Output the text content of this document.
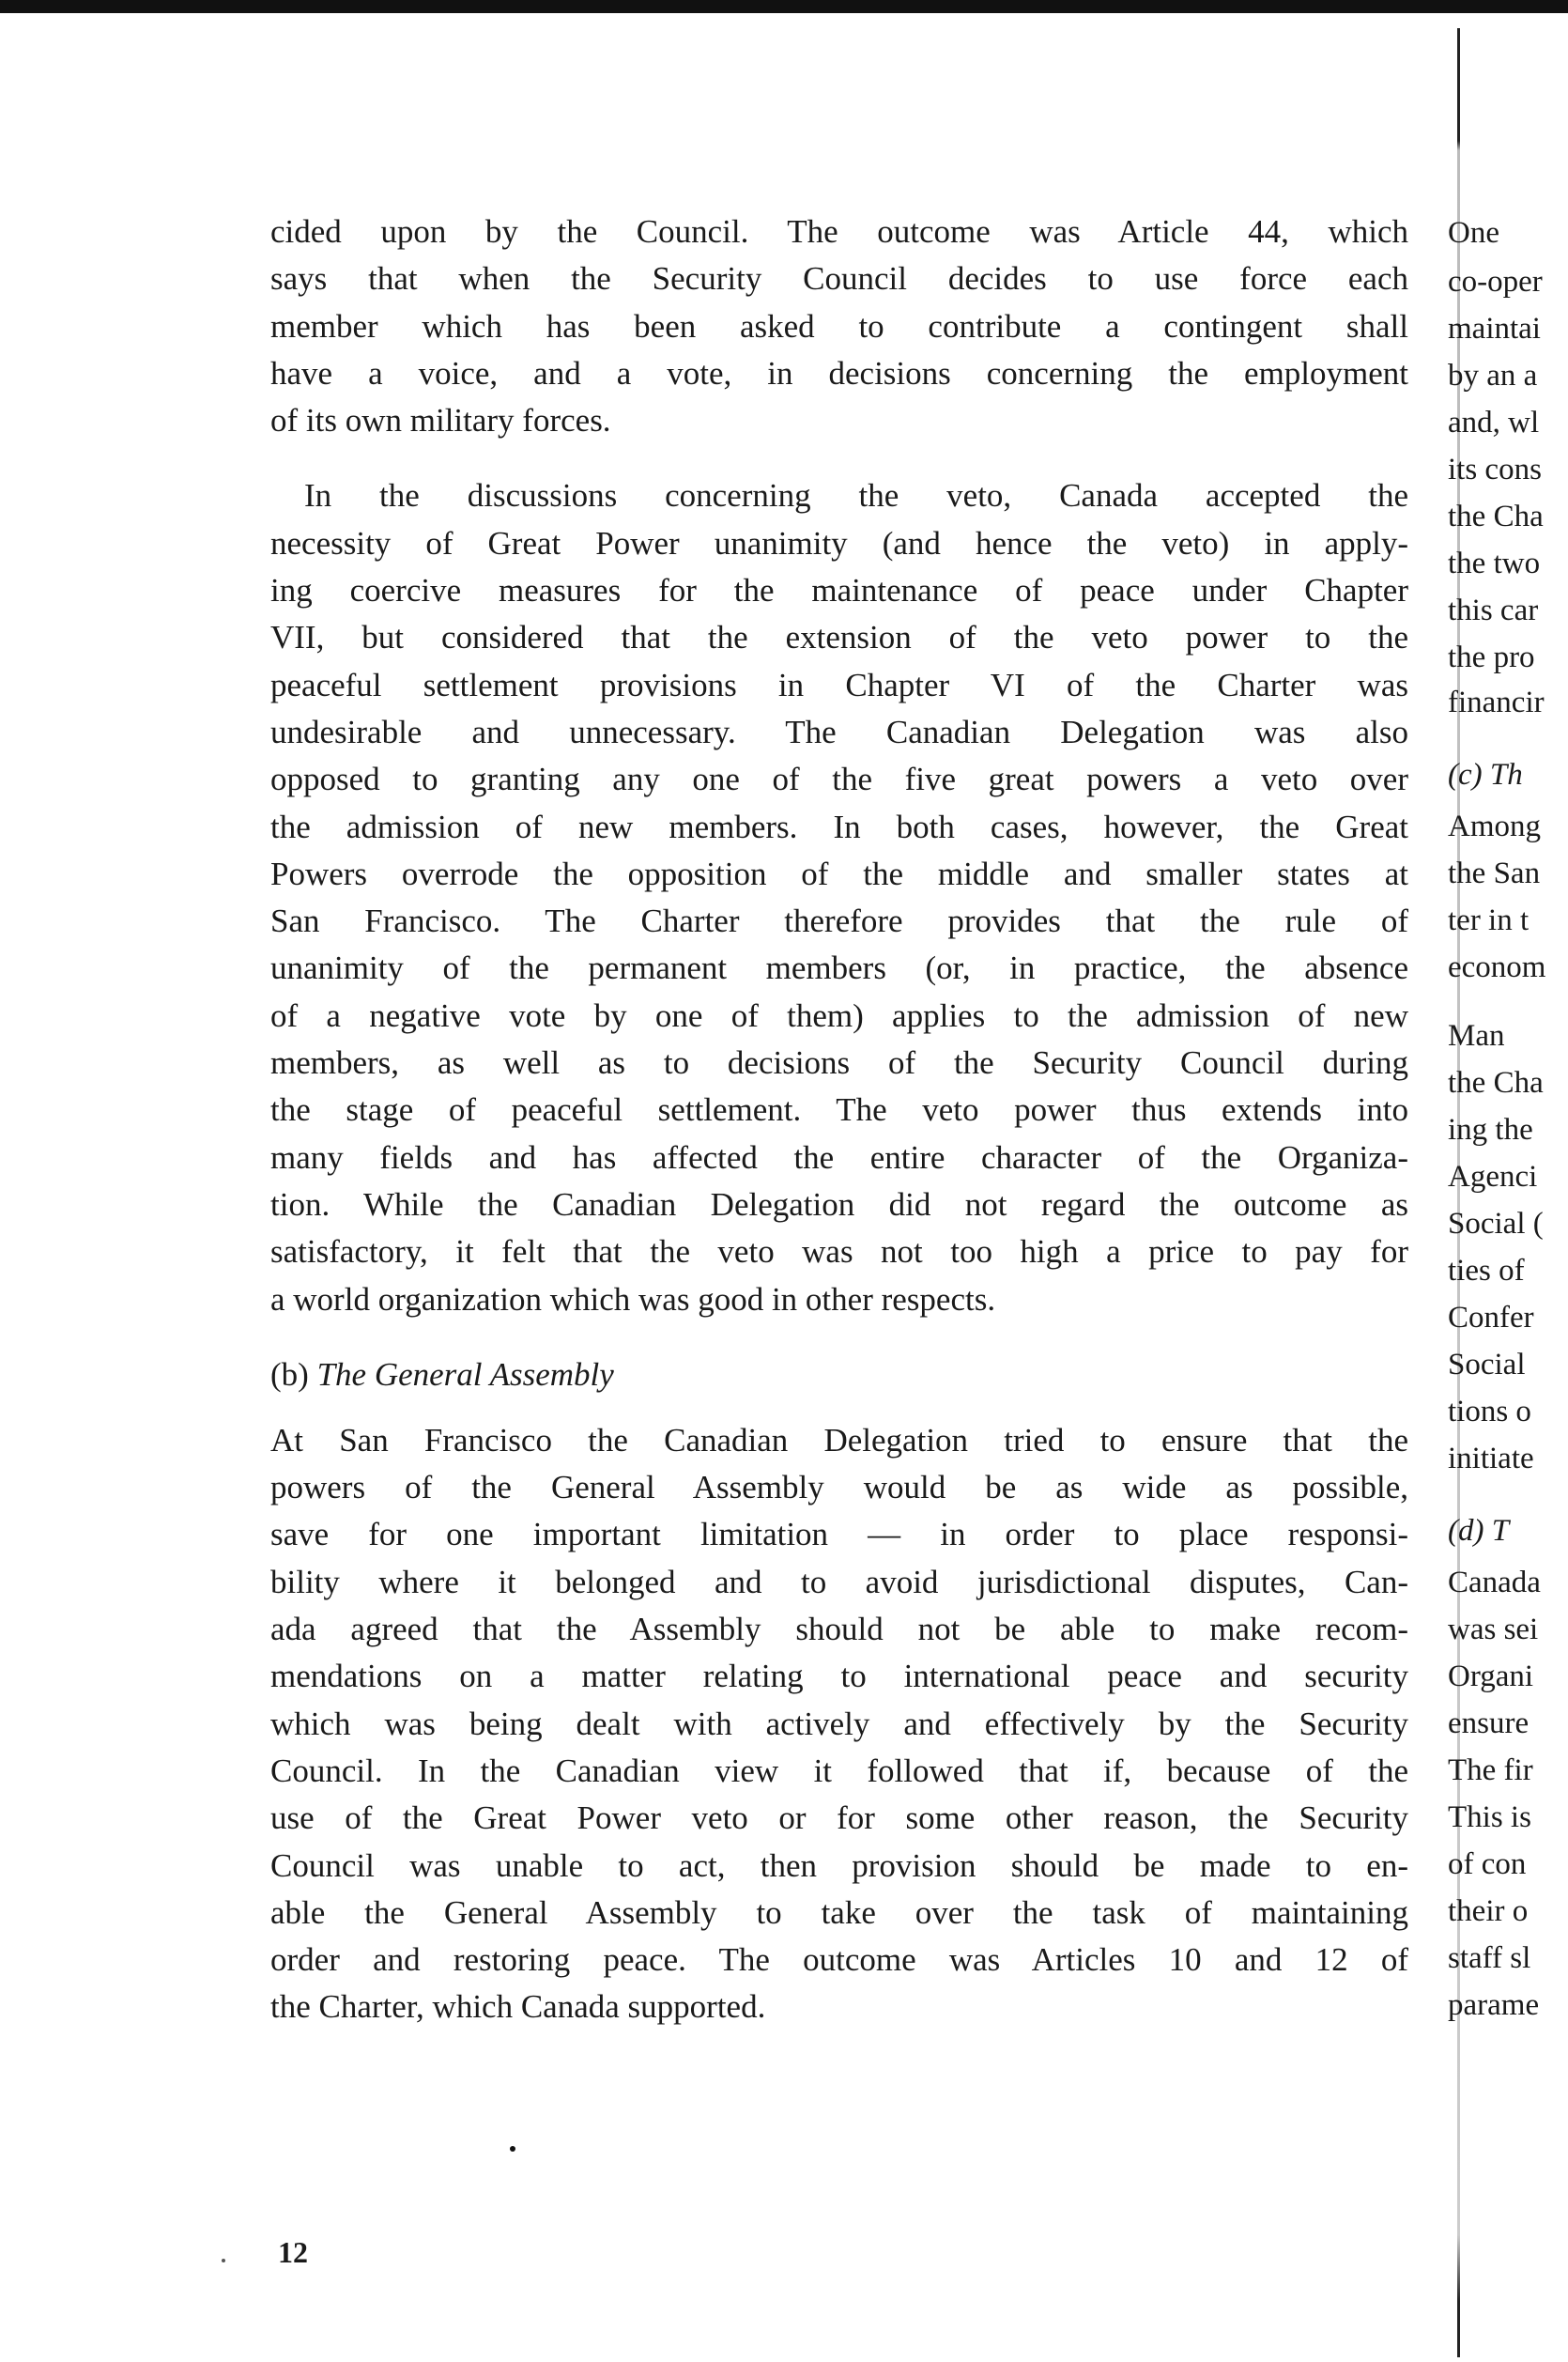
cided upon by the Council. The outcome was Article 44, which
says that when the Security Council decides to use force each
member which has been asked to contribute a contingent shall
have a voice, and a vote, in decisions concerning the employment
of its own military forces.
In the discussions concerning the veto, Canada accepted the
necessity of Great Power unanimity (and hence the veto) in apply-
ing coercive measures for the maintenance of peace under Chapter
VII, but considered that the extension of the veto power to the
peaceful settlement provisions in Chapter VI of the Charter was
undesirable and unnecessary. The Canadian Delegation was also
opposed to granting any one of the five great powers a veto over
the admission of new members. In both cases, however, the Great
Powers overrode the opposition of the middle and smaller states at
San Francisco. The Charter therefore provides that the rule of
unanimity of the permanent members (or, in practice, the absence
of a negative vote by one of them) applies to the admission of new
members, as well as to decisions of the Security Council during
the stage of peaceful settlement. The veto power thus extends into
many fields and has affected the entire character of the Organiza-
tion. While the Canadian Delegation did not regard the outcome as
satisfactory, it felt that the veto was not too high a price to pay for
a world organization which was good in other respects.
(b) The General Assembly
At San Francisco the Canadian Delegation tried to ensure that the
powers of the General Assembly would be as wide as possible,
save for one important limitation — in order to place responsi-
bility where it belonged and to avoid jurisdictional disputes, Can-
ada agreed that the Assembly should not be able to make recom-
mendations on a matter relating to international peace and security
which was being dealt with actively and effectively by the Security
Council. In the Canadian view it followed that if, because of the
use of the Great Power veto or for some other reason, the Security
Council was unable to act, then provision should be made to en-
able the General Assembly to take over the task of maintaining
order and restoring peace. The outcome was Articles 10 and 12 of
the Charter, which Canada supported.
12
One
co-oper
maintai
by an a
and, wl
its cons
the Cha
the two
this car
the pro
financir
(c) Th
Among
the San
ter in t
econom
Man
the Cha
ing the
Agenci
Social (
ties of
Confer
Social
tions o
initiate
(d) T
Canada
was sei
Organi
ensure
The fir
This is
of con
their o
staff sl
parame
